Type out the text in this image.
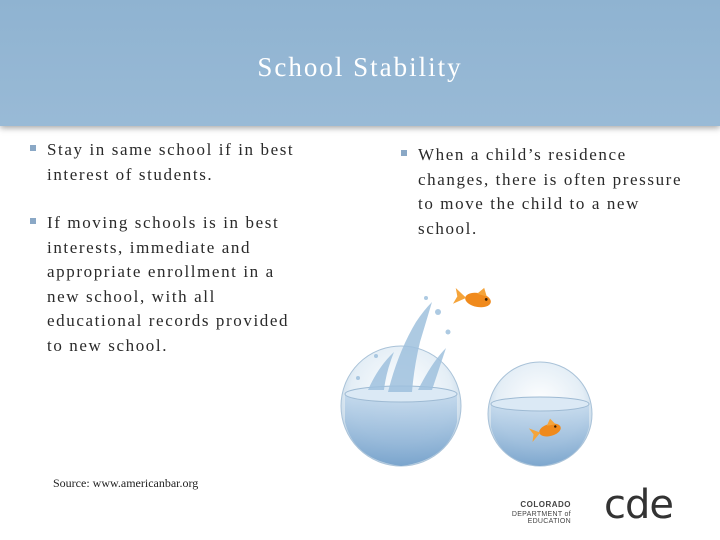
School Stability
Stay in same school if in best interest of students.
If moving schools is in best interests, immediate and appropriate enrollment in a new school, with all educational records provided to new school.
When a child’s residence changes, there is often pressure to move the child to a new school.
Source: www.americanbar.org
COLORADO
DEPARTMENT of EDUCATION cde
